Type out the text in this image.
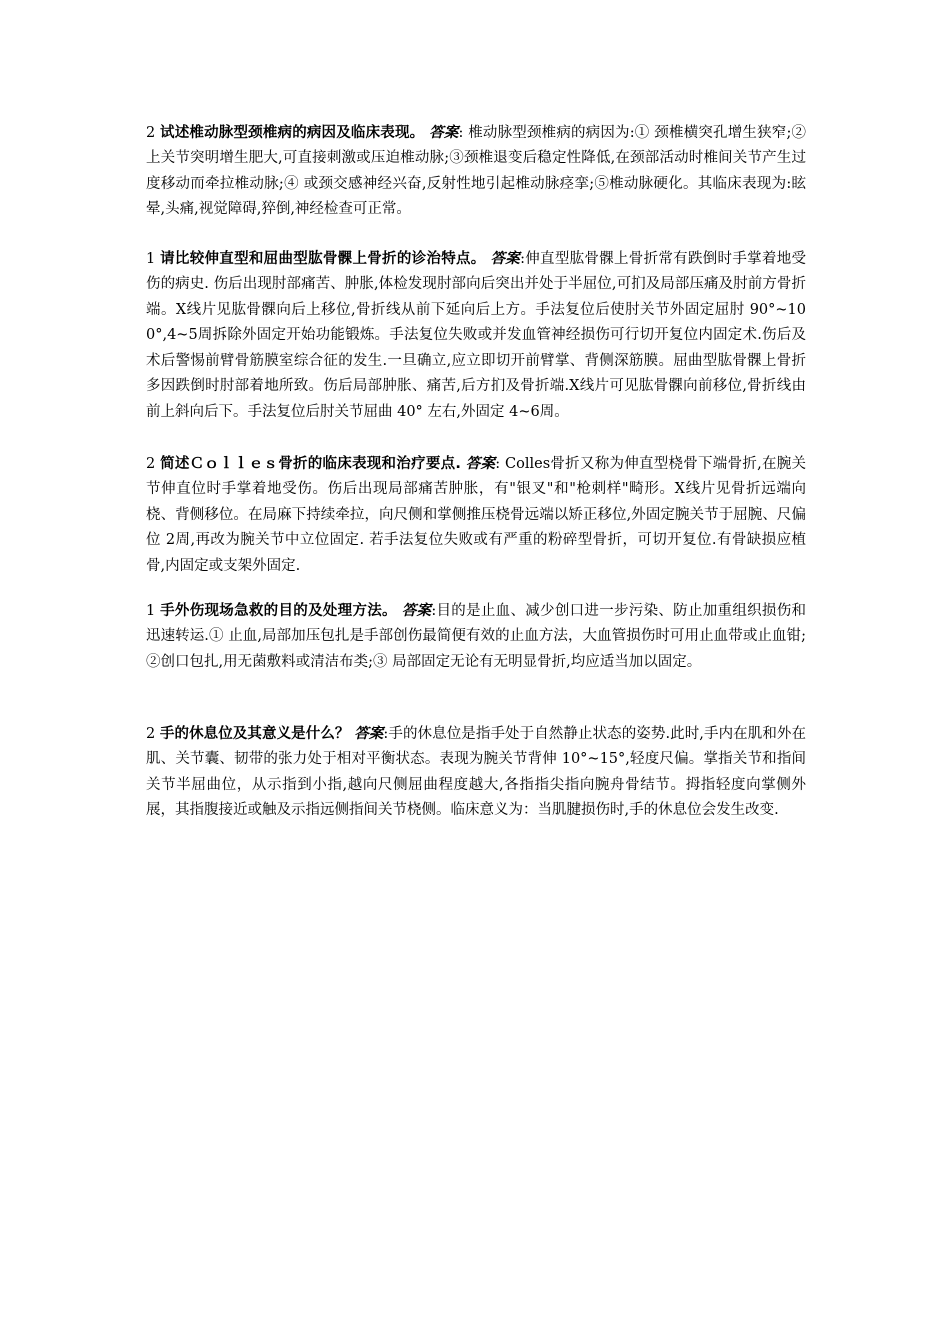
2 试述椎动脉型颈椎病的病因及临床表现。 答案: 椎动脉型颈椎病的病因为:① 颈椎横突孔增生狭窄;② 上关节突明增生肥大,可直接刺激或压迫椎动脉;③颈椎退变后稳定性降低,在颈部活动时椎间关节产生过度移动而牵拉椎动脉;④ 或颈交感神经兴奋,反射性地引起椎动脉痉挛;⑤椎动脉硬化。其临床表现为:眩晕,头痛,视觉障碍,猝倒,神经检查可正常。

1 请比较伸直型和屈曲型肱骨髁上骨折的诊治特点。 答案:伸直型肱骨髁上骨折常有跌倒时手掌着地受伤的病史. 伤后出现肘部痛苦、肿胀,体检发现肘部向后突出并处于半屈位,可扪及局部压痛及肘前方骨折端。X线片见肱骨髁向后上移位,骨折线从前下延向后上方。手法复位后使肘关节外固定屈肘 90°~100°,4~5周拆除外固定开始功能锻炼。手法复位失败或并发血管神经损伤可行切开复位内固定术.伤后及术后警惕前臂骨筋膜室综合征的发生.一旦确立,应立即切开前臂掌、背侧深筋膜。屈曲型肱骨髁上骨折多因跌倒时肘部着地所致。伤后局部肿胀、痛苦,后方扪及骨折端.X线片可见肱骨髁向前移位,骨折线由前上斜向后下。手法复位后肘关节屈曲 40° 左右,外固定 4~6周。

2 简述Ｃｏｌｌｅｓ骨折的临床表现和治疗要点. 答案: Colles骨折又称为伸直型桡骨下端骨折,在腕关节伸直位时手掌着地受伤。伤后出现局部痛苦肿胀，有"银叉"和"枪刺样"畸形。X线片见骨折远端向桡、背侧移位。在局麻下持续牵拉，向尺侧和掌侧推压桡骨远端以矫正移位,外固定腕关节于屈腕、尺偏位 2周,再改为腕关节中立位固定. 若手法复位失败或有严重的粉碎型骨折，可切开复位.有骨缺损应植骨,内固定或支架外固定.

1 手外伤现场急救的目的及处理方法。 答案:目的是止血、减少创口进一步污染、防止加重组织损伤和迅速转运.① 止血,局部加压包扎是手部创伤最简便有效的止血方法，大血管损伤时可用止血带或止血钳;②创口包扎,用无菌敷料或清洁布类;③ 局部固定无论有无明显骨折,均应适当加以固定。

2 手的休息位及其意义是什么？ 答案:手的休息位是指手处于自然静止状态的姿势.此时,手内在肌和外在肌、关节囊、韧带的张力处于相对平衡状态。表现为腕关节背伸 10°~15°,轻度尺偏。掌指关节和指间关节半屈曲位，从示指到小指,越向尺侧屈曲程度越大,各指指尖指向腕舟骨结节。拇指轻度向掌侧外展，其指腹接近或触及示指远侧指间关节桡侧。临床意义为：当肌腱损伤时,手的休息位会发生改变.
